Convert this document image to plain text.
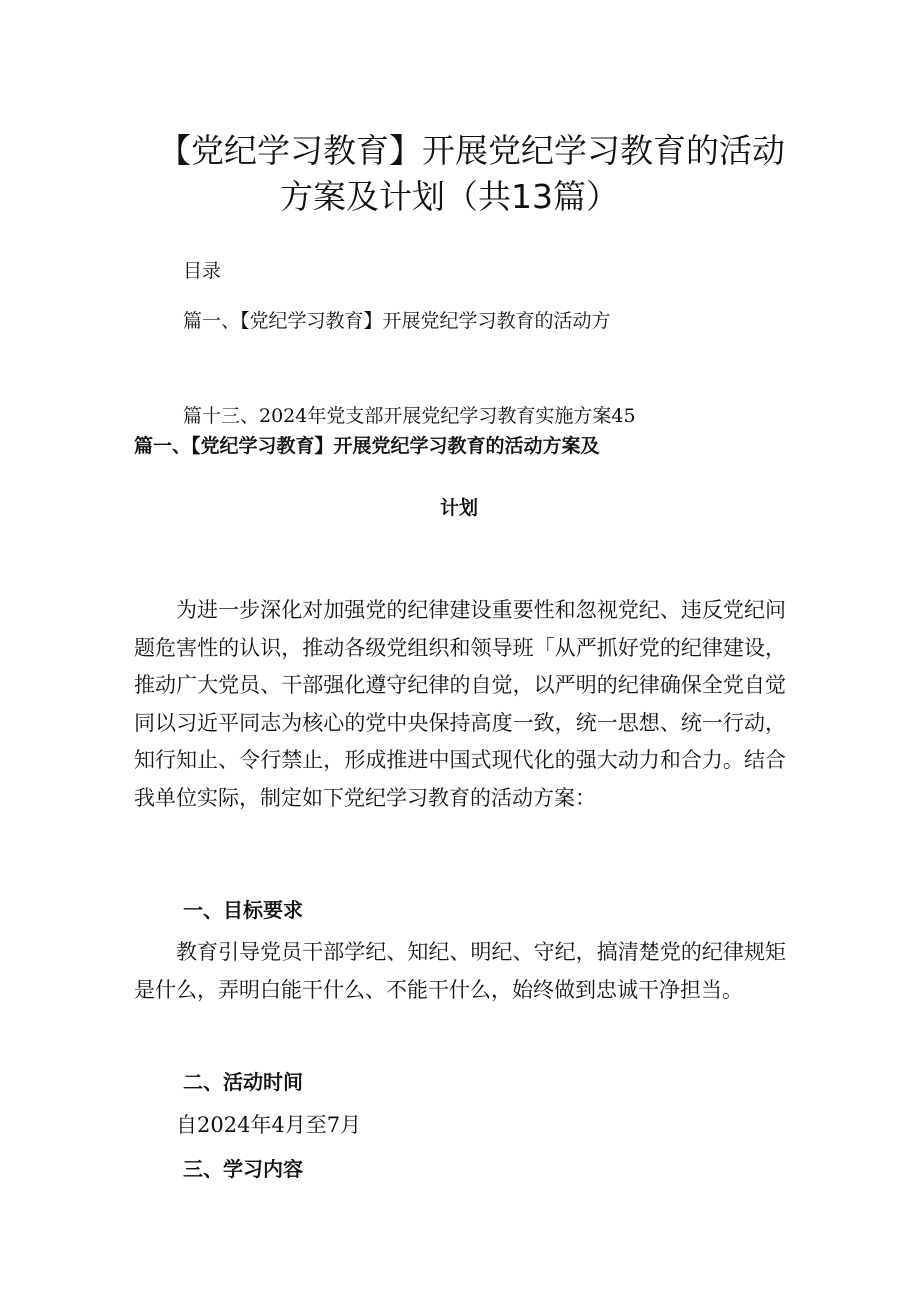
【党纪学习教育】开展党纪学习教育的活动
方案及计划（共13篇）
目录
篇一、【党纪学习教育】开展党纪学习教育的活动方
篇十三、2024年党支部开展党纪学习教育实施方案45
篇一、【党纪学习教育】开展党纪学习教育的活动方案及
计划

为进一步深化对加强党的纪律建设重要性和忽视党纪、违反党纪问题危害性的认识，推动各级党组织和领导班「从严抓好党的纪律建设，推动广大党员、干部强化遵守纪律的自觉，以严明的纪律确保全党自觉同以习近平同志为核心的党中央保持高度一致，统一思想、统一行动，知行知止、令行禁止，形成推进中国式现代化的强大动力和合力。结合我单位实际，制定如下党纪学习教育的活动方案：

一、目标要求

教育引导党员干部学纪、知纪、明纪、守纪，搞清楚党的纪律规矩是什么，弄明白能干什么、不能干什么，始终做到忠诚干净担当。

二、活动时间

自2024年4月至7月

三、学习内容
